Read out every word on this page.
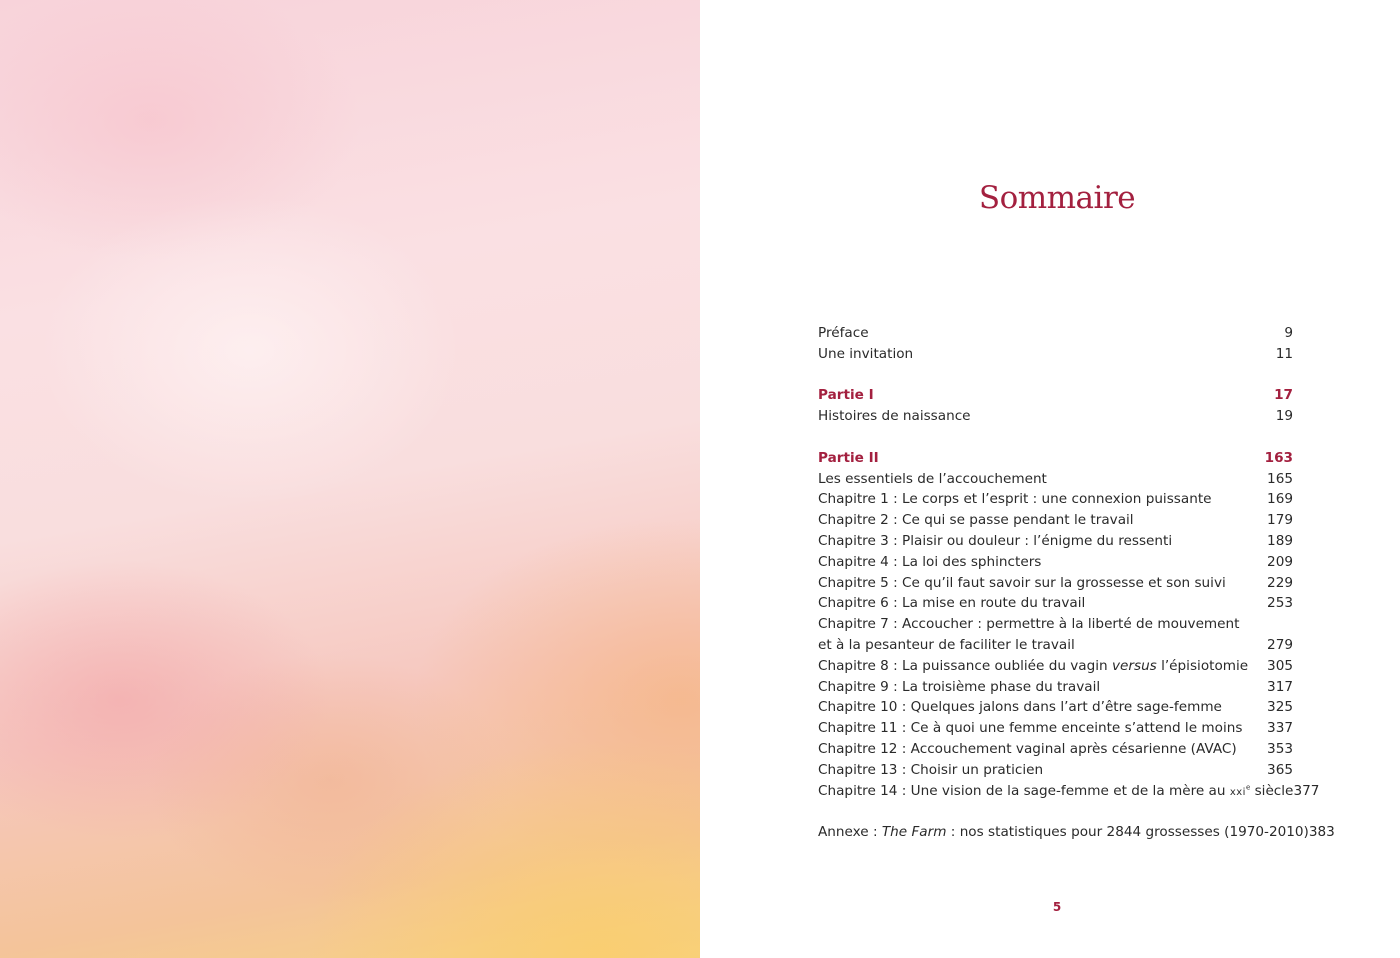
Sommaire
Préface	9
Une invitation	11
Partie I	17
Histoires de naissance	19
Partie II	163
Les essentiels de l’accouchement	165
Chapitre 1 : Le corps et l’esprit : une connexion puissante	169
Chapitre 2 : Ce qui se passe pendant le travail	179
Chapitre 3 : Plaisir ou douleur : l’énigme du ressenti	189
Chapitre 4 : La loi des sphincters	209
Chapitre 5 : Ce qu’il faut savoir sur la grossesse et son suivi	229
Chapitre 6 : La mise en route du travail	253
Chapitre 7 : Accoucher : permettre à la liberté de mouvement
et à la pesanteur de faciliter le travail	279
Chapitre 8 : La puissance oubliée du vagin versus l’épisiotomie 305
Chapitre 9 : La troisième phase du travail	317
Chapitre 10 : Quelques jalons dans l’art d’être sage-femme	325
Chapitre 11 : Ce à quoi une femme enceinte s’attend le moins 337
Chapitre 12 : Accouchement vaginal après césarienne (AVAC) 353
Chapitre 13 : Choisir un praticien	365
Chapitre 14 : Une vision de la sage-femme et de la mère au xxi$^e$ siècle 377
Annexe : The Farm : nos statistiques pour 2844 grossesses (1970-2010) 383
5
